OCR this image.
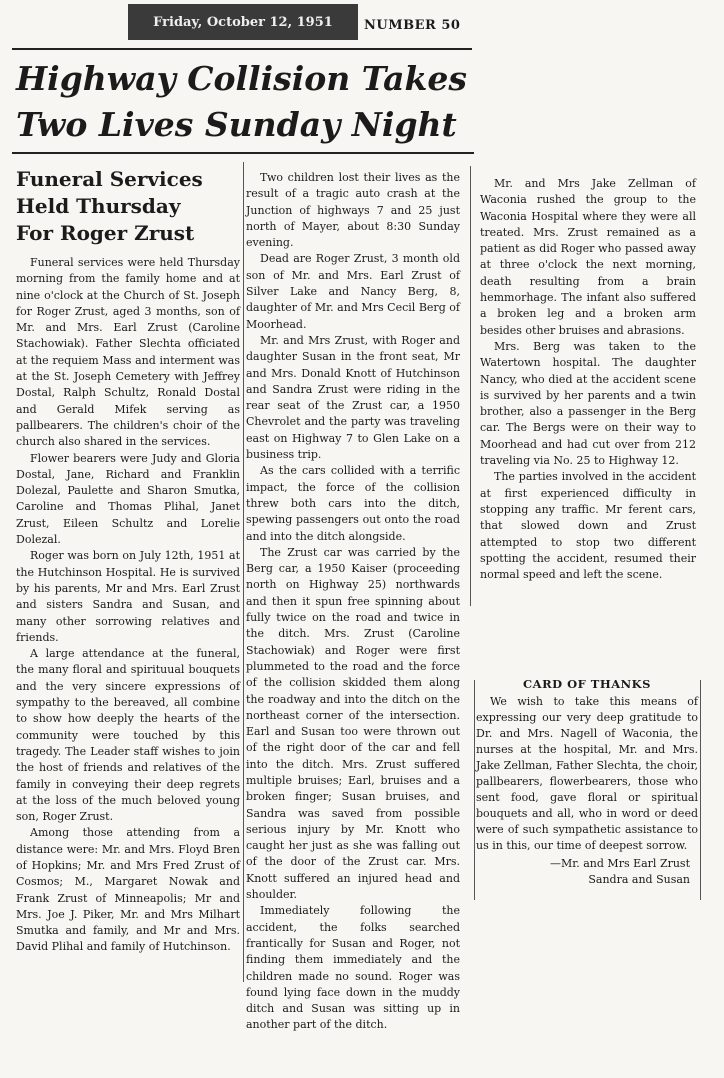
Friday, October 12, 1951	NUMBER 50
Highway Collision Takes
Two Lives Sunday Night
Funeral Services
Held Thursday
For Roger Zrust

Funeral services were held Thursday morning from the family home and at nine o'clock at the Church of St. Joseph for Roger Zrust, aged 3 months, son of Mr. and Mrs. Earl Zrust (Caroline Stachowiak). Father Slechta officiated at the requiem Mass and interment was at the St. Joseph Cemetery with Jeffrey Dostal, Ralph Schultz, Ronald Dostal and Gerald Mifek serving as pallbearers. The children's choir of the church also shared in the services.

Flower bearers were Judy and Gloria Dostal, Jane, Richard and Franklin Dolezal, Paulette and Sharon Smutka, Caroline and Thomas Plihal, Janet Zrust, Eileen Schultz and Lorelie Dolezal.

Roger was born on July 12th, 1951 at the Hutchinson Hospital. He is survived by his parents, Mr and Mrs. Earl Zrust and sisters Sandra and Susan, and many other sorrowing relatives and friends.

A large attendance at the funeral, the many floral and spirituual bouquets and the very sincere expressions of sympathy to the bereaved, all combine to show how deeply the hearts of the community were touched by this tragedy. The Leader staff wishes to join the host of friends and relatives of the family in conveying their deep regrets at the loss of the much beloved young son, Roger Zrust.

Among those attending from a distance were: Mr. and Mrs. Floyd Bren of Hopkins; Mr. and Mrs Fred Zrust of Cosmos; M., Margaret Nowak and Frank Zrust of Minneapolis; Mr and Mrs. Joe J. Piker, Mr. and Mrs Milhart Smutka and family, and Mr and Mrs. David Plihal and family of Hutchinson.

Two children lost their lives as the result of a tragic auto crash at the Junction of highways 7 and 25 just north of Mayer, about 8:30 Sunday evening.

Dead are Roger Zrust, 3 month old son of Mr. and Mrs. Earl Zrust of Silver Lake and Nancy Berg, 8, daughter of Mr. and Mrs Cecil Berg of Moorhead.

Mr. and Mrs Zrust, with Roger and daughter Susan in the front seat, Mr and Mrs. Donald Knott of Hutchinson and Sandra Zrust were riding in the rear seat of the Zrust car, a 1950 Chevrolet and the party was traveling east on Highway 7 to Glen Lake on a business trip.

As the cars collided with a terrific impact, the force of the collision threw both cars into the ditch, spewing passengers out onto the road and into the ditch alongside.

The Zrust car was carried by the Berg car, a 1950 Kaiser (proceeding north on Highway 25) northwards and then it spun free spinning about fully twice on the road and twice in the ditch. Mrs. Zrust (Caroline Stachowiak) and Roger were first plummeted to the road and the force of the collision skidded them along the roadway and into the ditch on the northeast corner of the intersection. Earl and Susan too were thrown out of the right door of the car and fell into the ditch. Mrs. Zrust suffered multiple bruises; Earl, bruises and a broken finger; Susan bruises, and Sandra was saved from possible serious injury by Mr. Knott who caught her just as she was falling out of the door of the Zrust car. Mrs. Knott suffered an injured head and shoulder.

Immediately following the accident, the folks searched frantically for Susan and Roger, not finding them immediately and the children made no sound. Roger was found lying face down in the muddy ditch and Susan was sitting up in another part of the ditch.

Mr. and Mrs Jake Zellman of Waconia rushed the group to the Waconia Hospital where they were all treated. Mrs. Zrust remained as a patient as did Roger who passed away at three o'clock the next morning, death resulting from a brain hemmorhage. The infant also suffered a broken leg and a broken arm besides other bruises and abrasions.

Mrs. Berg was taken to the Watertown hospital. The daughter Nancy, who died at the accident scene is survived by her parents and a twin brother, also a passenger in the Berg car. The Bergs were on their way to Moorhead and had cut over from 212 traveling via No. 25 to Highway 12.

The parties involved in the accident at first experienced difficulty in stopping any traffic. Mr ferent cars, that slowed down and Zrust attempted to stop two different spotting the accident, resumed their normal speed and left the scene.

CARD OF THANKS

We wish to take this means of expressing our very deep gratitude to Dr. and Mrs. Nagell of Waconia, the nurses at the hospital, Mr. and Mrs. Jake Zellman, Father Slechta, the choir, pallbearers, flowerbearers, those who sent food, gave floral or spiritual bouquets and all, who in word or deed were of such sympathetic assistance to us in this, our time of deepest sorrow.

—Mr. and Mrs Earl Zrust
Sandra and Susan
